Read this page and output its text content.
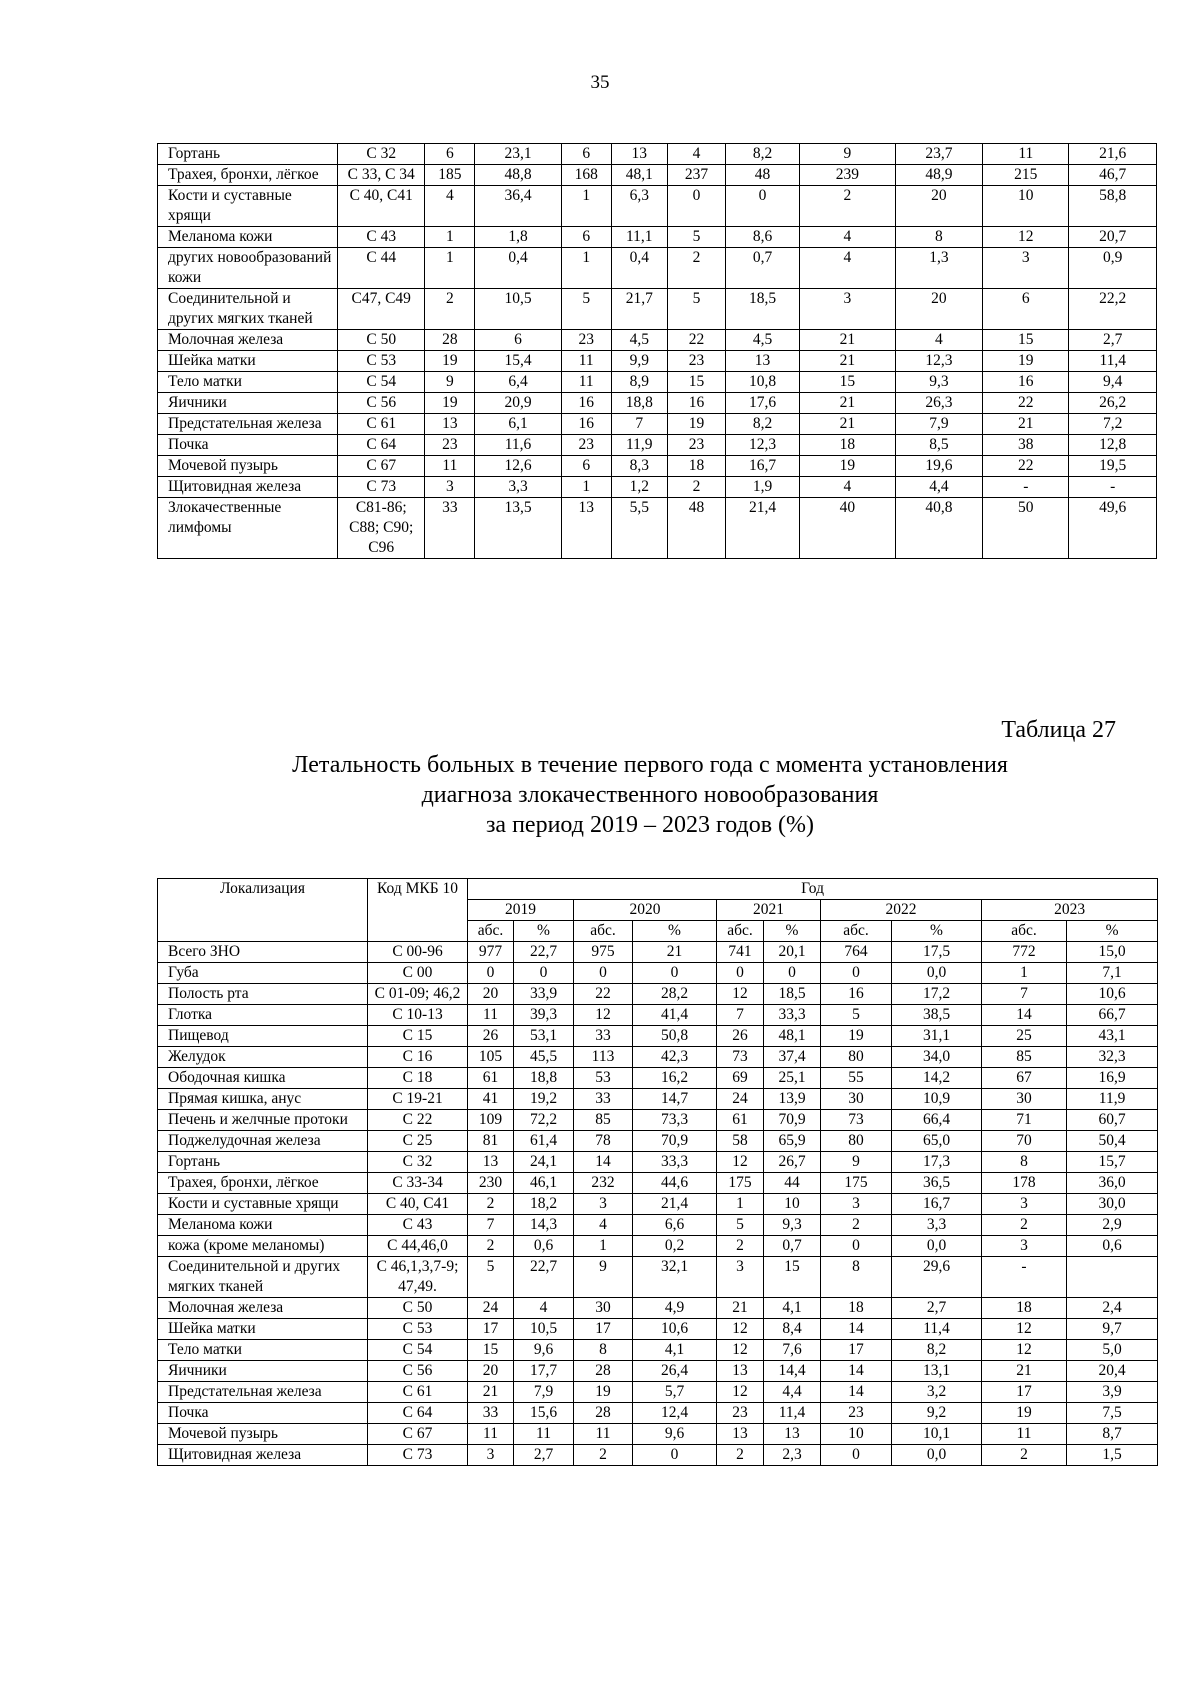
35
Гортань	С 32	6	23,1	6	13	4	8,2	9	23,7	11	21,6
Трахея, бронхи, лёгкое	С 33, С 34	185	48,8	168	48,1	237	48	239	48,9	215	46,7
Кости и суставные хрящи	С 40, С41	4	36,4	1	6,3	0	0	2	20	10	58,8
Меланома кожи	С 43	1	1,8	6	11,1	5	8,6	4	8	12	20,7
других новообразований кожи	С 44	1	0,4	1	0,4	2	0,7	4	1,3	3	0,9
Соединительной и других мягких тканей	С47, С49	2	10,5	5	21,7	5	18,5	3	20	6	22,2
Молочная железа	С 50	28	6	23	4,5	22	4,5	21	4	15	2,7
Шейка матки	С 53	19	15,4	11	9,9	23	13	21	12,3	19	11,4
Тело матки	С 54	9	6,4	11	8,9	15	10,8	15	9,3	16	9,4
Яичники	С 56	19	20,9	16	18,8	16	17,6	21	26,3	22	26,2
Предстательная железа	С 61	13	6,1	16	7	19	8,2	21	7,9	21	7,2
Почка	С 64	23	11,6	23	11,9	23	12,3	18	8,5	38	12,8
Мочевой пузырь	С 67	11	12,6	6	8,3	18	16,7	19	19,6	22	19,5
Щитовидная железа	С 73	3	3,3	1	1,2	2	1,9	4	4,4	-	-
Злокачественные лимфомы	С81-86; С88; С90; С96	33	13,5	13	5,5	48	21,4	40	40,8	50	49,6
Таблица 27
Летальность больных в течение первого года с момента установления
диагноза злокачественного новообразования
за период 2019 – 2023 годов (%)
Локализация	Код МКБ 10	Год									
		2019		2020		2021		2022		2023	
		абс.	%	абс.	%	абс.	%	абс.	%	абс.	%
Всего ЗНО	С 00-96	977	22,7	975	21	741	20,1	764	17,5	772	15,0
Губа	С 00	0	0	0	0	0	0	0	0,0	1	7,1
Полость рта	С 01-09; 46,2	20	33,9	22	28,2	12	18,5	16	17,2	7	10,6
Глотка	С 10-13	11	39,3	12	41,4	7	33,3	5	38,5	14	66,7
Пищевод	С 15	26	53,1	33	50,8	26	48,1	19	31,1	25	43,1
Желудок	С 16	105	45,5	113	42,3	73	37,4	80	34,0	85	32,3
Ободочная кишка	С 18	61	18,8	53	16,2	69	25,1	55	14,2	67	16,9
Прямая кишка, анус	С 19-21	41	19,2	33	14,7	24	13,9	30	10,9	30	11,9
Печень и желчные протоки	С 22	109	72,2	85	73,3	61	70,9	73	66,4	71	60,7
Поджелудочная железа	С 25	81	61,4	78	70,9	58	65,9	80	65,0	70	50,4
Гортань	С 32	13	24,1	14	33,3	12	26,7	9	17,3	8	15,7
Трахея, бронхи, лёгкое	С 33-34	230	46,1	232	44,6	175	44	175	36,5	178	36,0
Кости и суставные хрящи	С 40, С41	2	18,2	3	21,4	1	10	3	16,7	3	30,0
Меланома кожи	С 43	7	14,3	4	6,6	5	9,3	2	3,3	2	2,9
кожа (кроме меланомы)	С 44,46,0	2	0,6	1	0,2	2	0,7	0	0,0	3	0,6
Соединительной и других мягких тканей	С 46,1,3,7-9; 47,49.	5	22,7	9	32,1	3	15	8	29,6	-	
Молочная железа	С 50	24	4	30	4,9	21	4,1	18	2,7	18	2,4
Шейка матки	С 53	17	10,5	17	10,6	12	8,4	14	11,4	12	9,7
Тело матки	С 54	15	9,6	8	4,1	12	7,6	17	8,2	12	5,0
Яичники	С 56	20	17,7	28	26,4	13	14,4	14	13,1	21	20,4
Предстательная железа	С 61	21	7,9	19	5,7	12	4,4	14	3,2	17	3,9
Почка	С 64	33	15,6	28	12,4	23	11,4	23	9,2	19	7,5
Мочевой пузырь	С 67	11	11	11	9,6	13	13	10	10,1	11	8,7
Щитовидная железа	С 73	3	2,7	2	0	2	2,3	0	0,0	2	1,5
